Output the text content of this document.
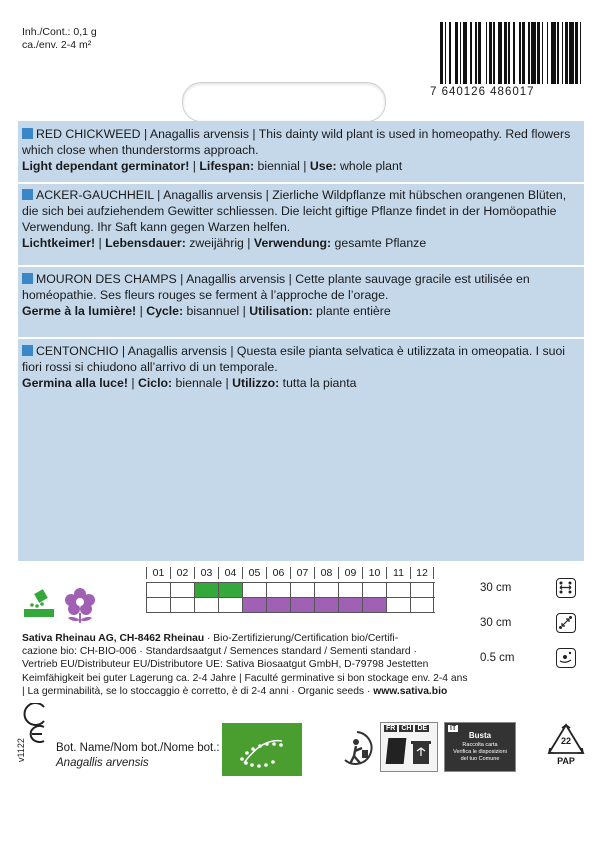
Inh./Cont.: 0,1 g
ca./env. 2-4 m²
7 640126 486017
RED CHICKWEED | Anagallis arvensis | This dainty wild plant is used in homeopathy. Red flowers which close when thunderstorms approach.
Light dependant germinator! | Lifespan: biennial | Use: whole plant
ACKER-GAUCHHEIL | Anagallis arvensis | Zierliche Wildpflanze mit hübschen orangenen Blüten, die sich bei aufziehendem Gewitter schliessen. Die leicht giftige Pflanze findet in der Homöopathie Verwendung. Ihr Saft kann gegen Warzen helfen.
Lichtkeimer! | Lebensdauer: zweijährig | Verwendung: gesamte Pflanze
MOURON DES CHAMPS | Anagallis arvensis | Cette plante sauvage gracile est utilisée en homéopathie. Ses fleurs rouges se ferment à l’approche de l’orage.
Germe à la lumière! | Cycle: bisannuel | Utilisation: plante entière
CENTONCHIO | Anagallis arvensis | Questa esile pianta selvatica è utilizzata in omeopatia. I suoi fiori rossi si chiudono all’arrivo di un temporale.
Germina alla luce! | Ciclo: biennale | Utilizzo: tutta la pianta
01	02	03	04	05	06	07	08	09	10	11	12
30 cm
30 cm
0.5 cm
Sativa Rheinau AG, CH-8462 Rheinau · Bio-Zertifizierung/Certification bio/Certifi-
cazione bio: CH-BIO-006 · Standardsaatgut / Semences standard / Sementi standard ·
Vertrieb EU/Distributeur EU/Distributore UE: Sativa Biosaatgut GmbH, D-79798 Jestetten
Keimfähigkeit bei guter Lagerung ca. 2-4 Jahre | Faculté germinative si bon stockage env. 2-4 ans
| La germinabilità, se lo stoccaggio è corretto, è di 2-4 anni · Organic seeds · www.sativa.bio
v1122	Bot. Name/Nom bot./Nome bot.:
Anagallis arvensis
FR CH DE	IT
Busta
Raccolta carta
Verifica le disposizioni
del tuo Comune
22
PAP
